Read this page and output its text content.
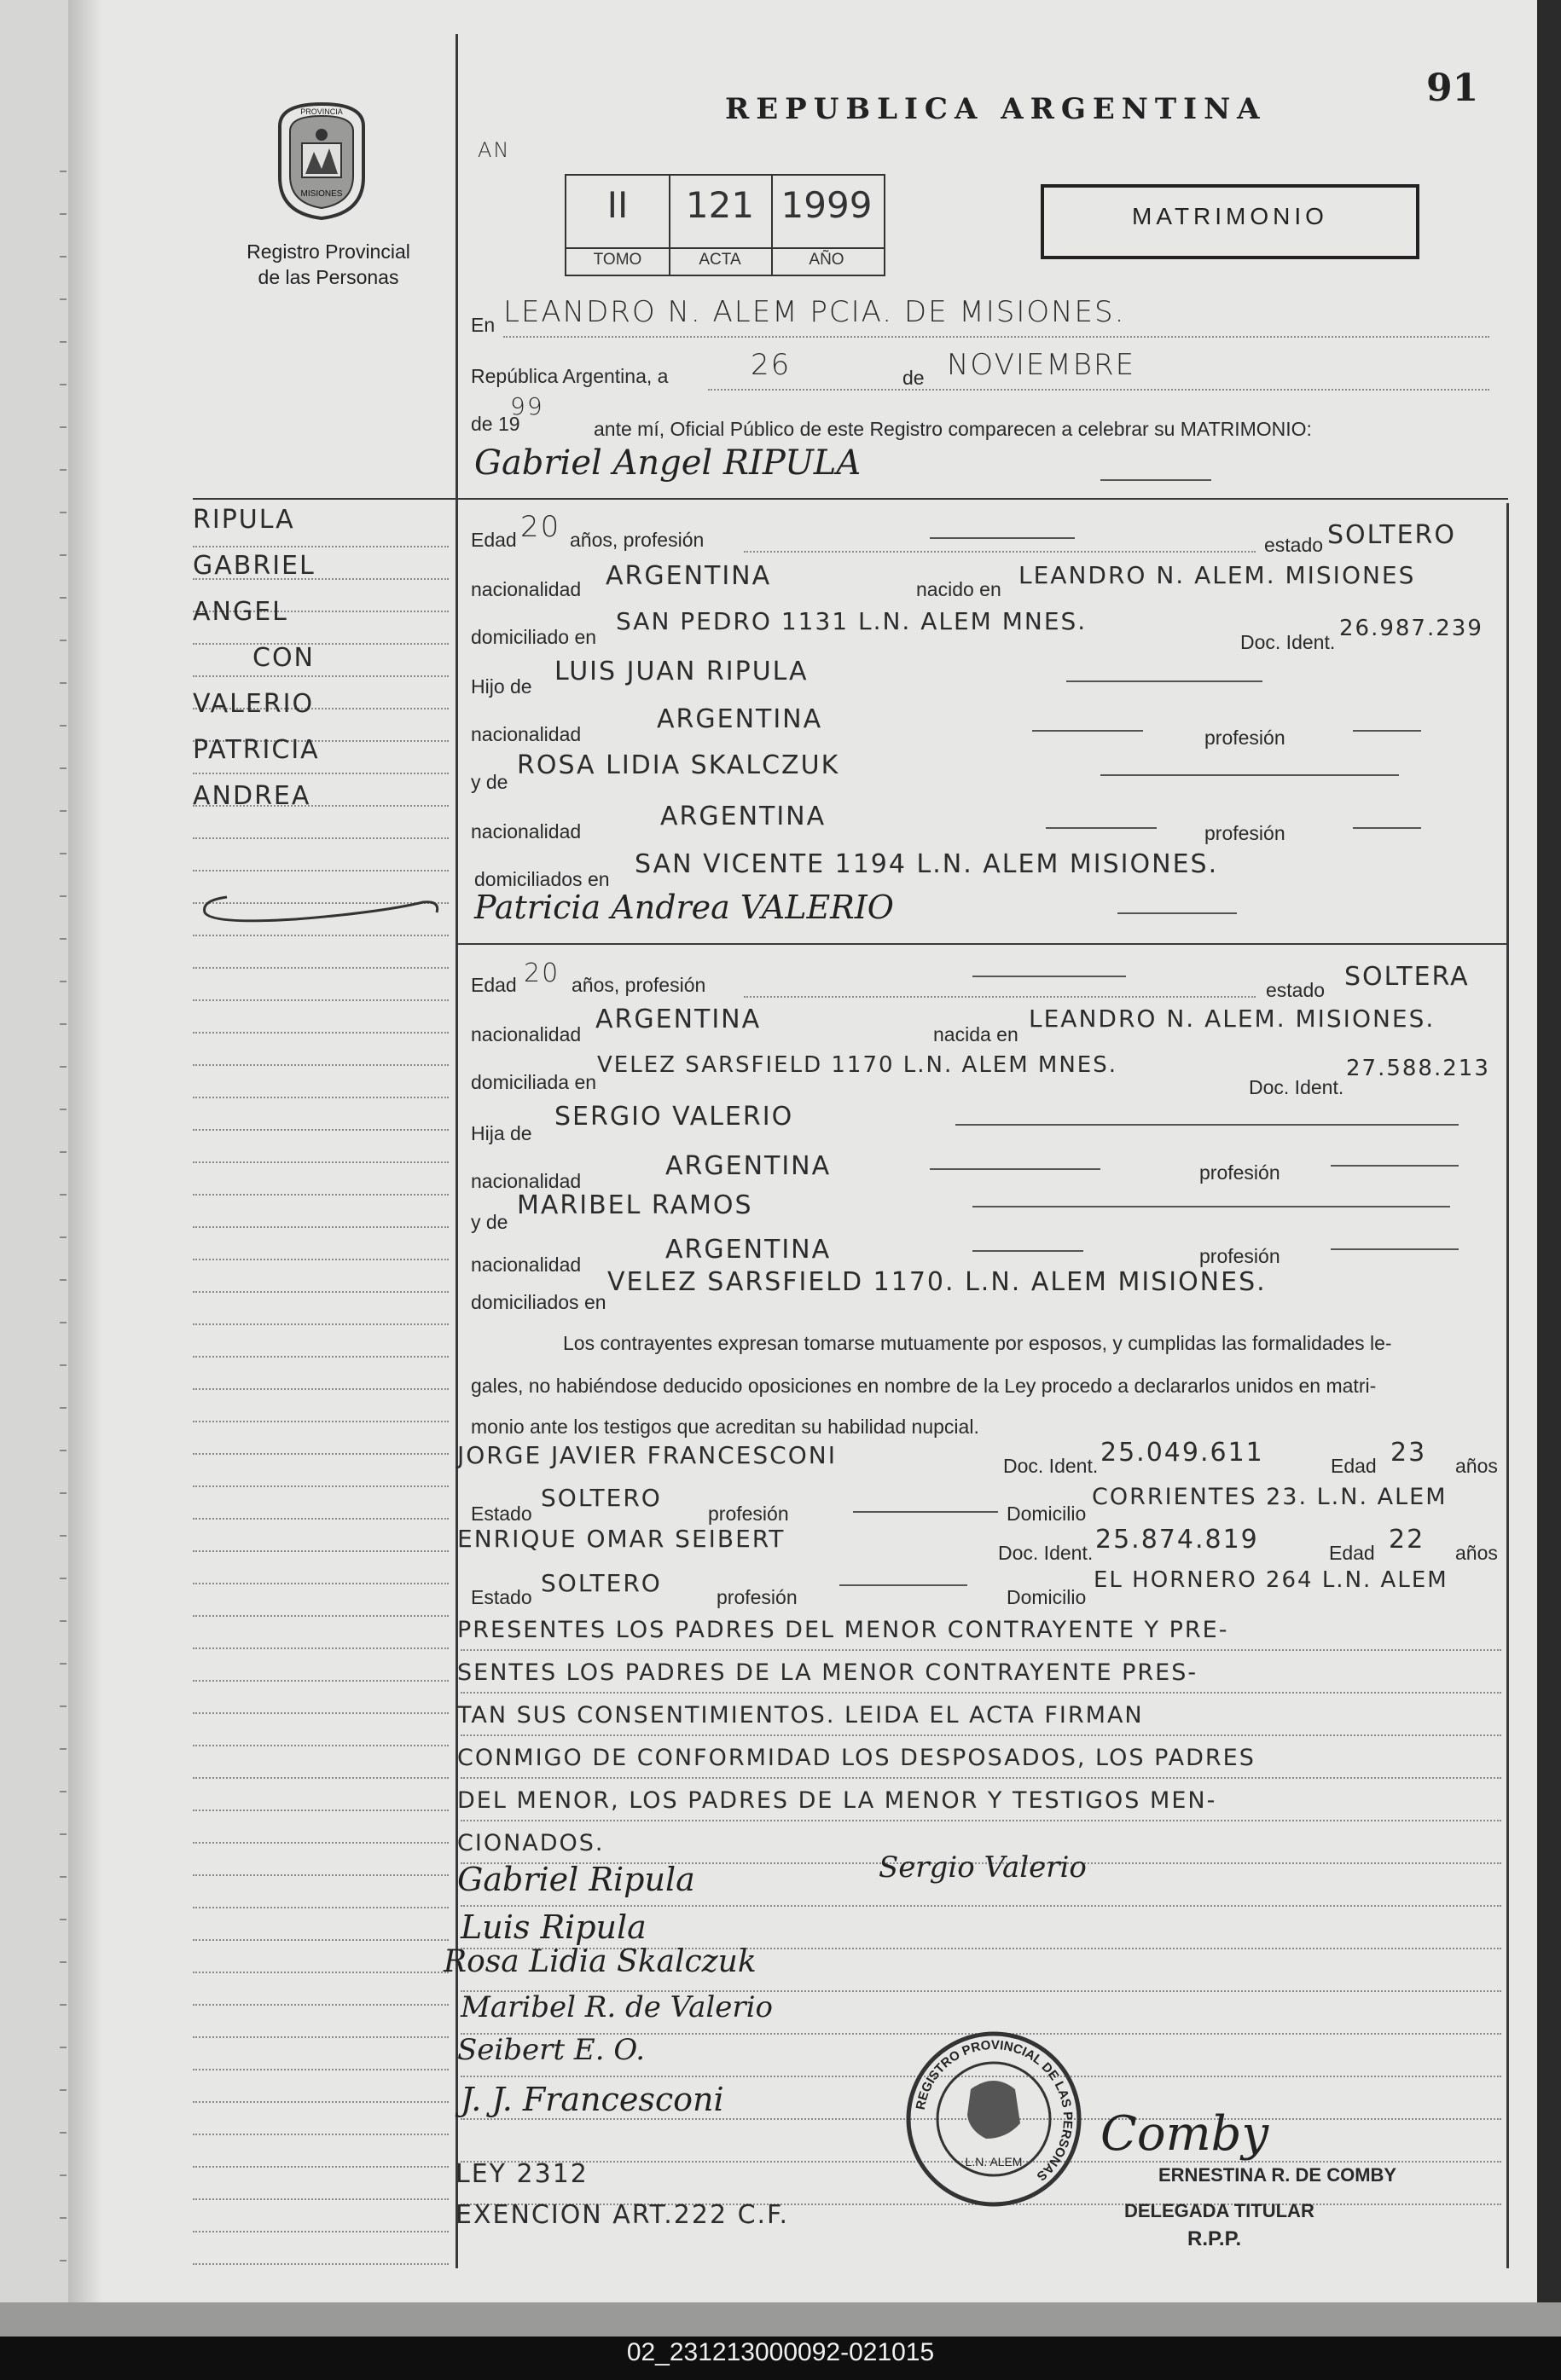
02_231213000092-021015
PROVINCIA
MISIONES
Registro Provincial
de las Personas
REPUBLICA ARGENTINA	91
AN
II
TOMO
121
ACTA
1999
AÑO
MATRIMONIO
En LEANDRO N. ALEM PCIA. DE MISIONES.
República Argentina, a	26	de NOVIEMBRE
de 19
99
ante mí, Oficial Público de este Registro comparecen a celebrar su MATRIMONIO:
RIPULA
GABRIEL
ANGEL
CON
VALERIO
PATRICIA
ANDREA
Gabriel Angel RIPULA
Edad 20 años, profesión	estado SOLTERO
nacionalidad ARGENTINA	nacido en LEANDRO N. ALEM. MISIONES
domiciliado en
SAN PEDRO 1131 L.N. ALEM MNES.
Doc. Ident.
26.987.239
Hijo de LUIS JUAN RIPULA
nacionalidad	ARGENTINA
profesión
y de
ROSA LIDIA SKALCZUK
nacionalidad	ARGENTINA
profesión
domiciliados en SAN VICENTE 1194 L.N. ALEM MISIONES.
Patricia Andrea VALERIO
Edad 20 años, profesión	estado SOLTERA
nacionalidad ARGENTINA	nacida en
LEANDRO N. ALEM. MISIONES.
domiciliada en
VELEZ SARSFIELD 1170 L.N. ALEM MNES.
Doc. Ident.
27.588.213
Hija de
SERGIO VALERIO
nacionalidad	ARGENTINA	profesión
y de
MARIBEL RAMOS
nacionalidad	ARGENTINA	profesión
domiciliados en
VELEZ SARSFIELD 1170. L.N. ALEM MISIONES.
Los contrayentes expresan tomarse mutuamente por esposos, y cumplidas las formalidades le-
gales, no habiéndose deducido oposiciones en nombre de la Ley procedo a declararlos unidos en matri-
monio ante los testigos que acreditan su habilidad nupcial.
JORGE JAVIER FRANCESCONI	Doc. Ident. 25.049.611	Edad 23 años
Estado
SOLTERO
profesión	Domicilio
CORRIENTES 23. L.N. ALEM
ENRIQUE OMAR SEIBERT	Doc. Ident. 25.874.819	Edad 22 años
Estado SOLTERO	profesión	Domicilio
EL HORNERO 264 L.N. ALEM
PRESENTES LOS PADRES DEL MENOR CONTRAYENTE Y PRE-
SENTES LOS PADRES DE LA MENOR CONTRAYENTE PRES-
TAN SUS CONSENTIMIENTOS. LEIDA EL ACTA FIRMAN
CONMIGO DE CONFORMIDAD LOS DESPOSADOS, LOS PADRES
DEL MENOR, LOS PADRES DE LA MENOR Y TESTIGOS MEN-
CIONADOS.
Gabriel Ripula	Sergio Valerio
Luis Ripula
Rosa Lidia Skalczuk
Maribel R. de Valerio
Seibert E. O.
J. J. Francesconi
LEY 2312
EXENCION ART.222 C.F.
REGISTRO PROVINCIAL DE LAS PERSONAS
L.N. ALEM Comby
ERNESTINA R. DE COMBY
DELEGADA TITULAR
R.P.P.
